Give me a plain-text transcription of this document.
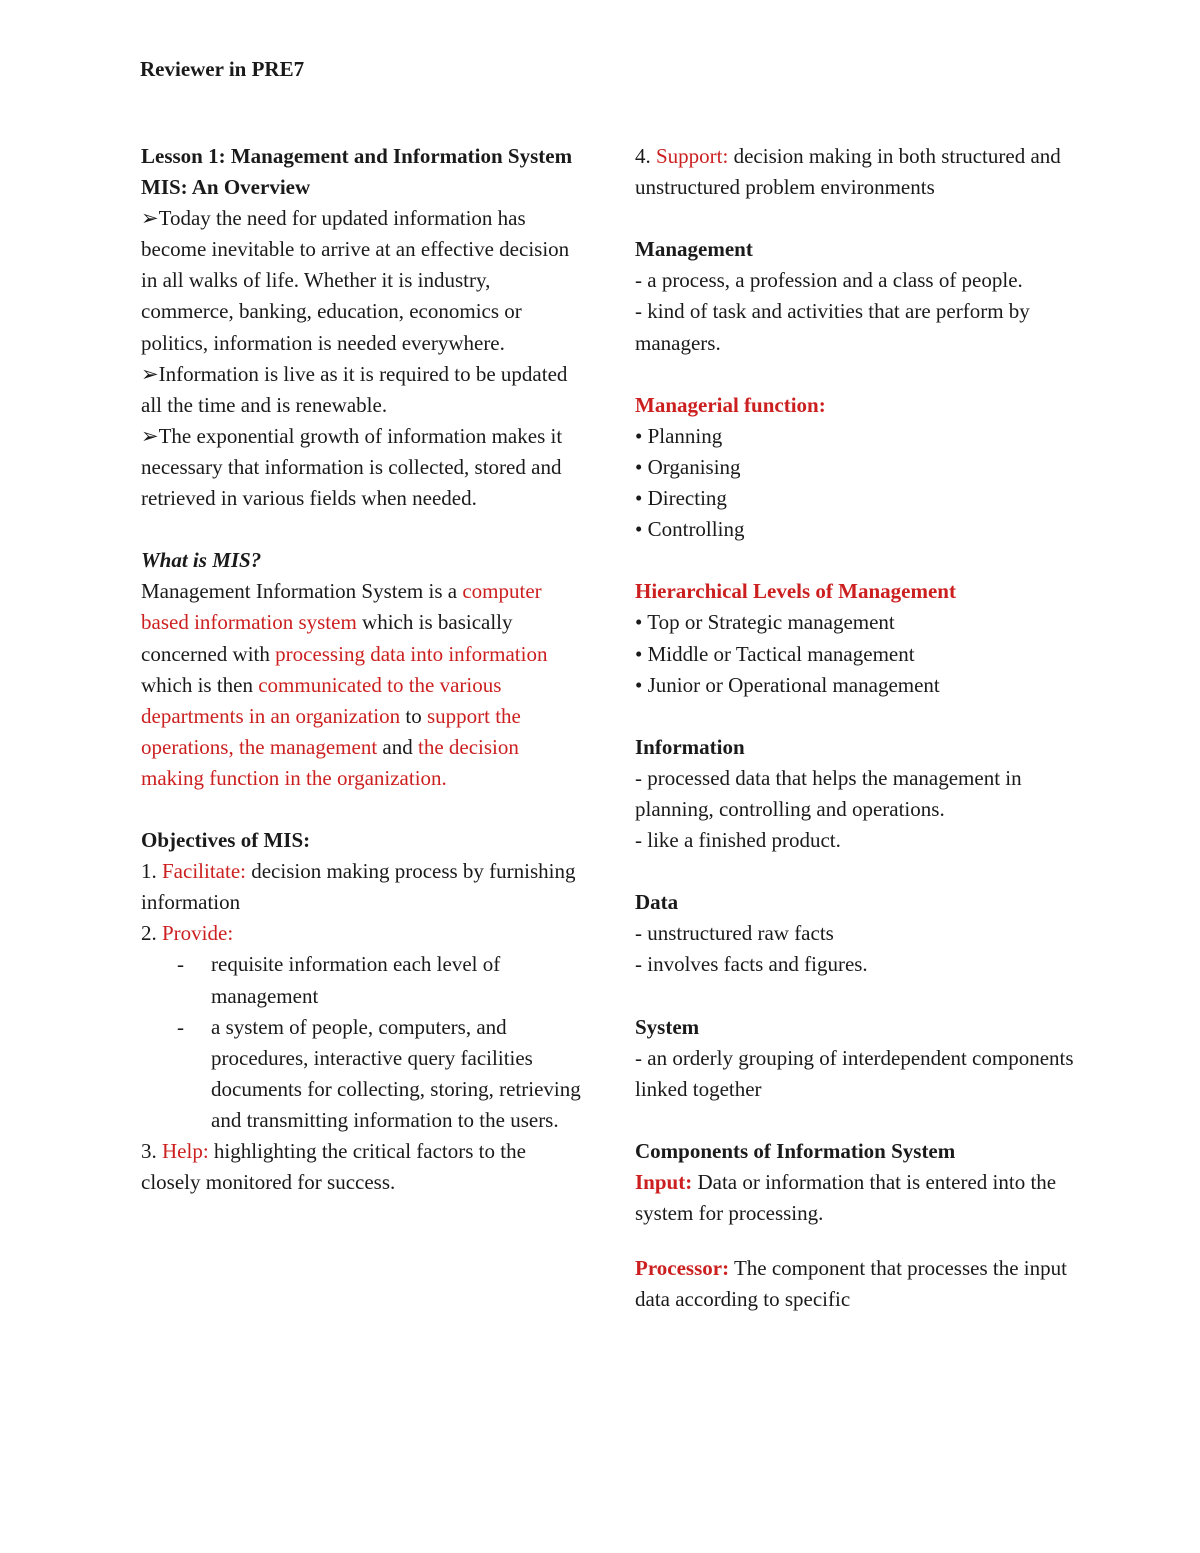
Reviewer in PRE7

Lesson 1: Management and Information System

MIS: An Overview

➢Today the need for updated information has become inevitable to arrive at an effective decision in all walks of life. Whether it is industry, commerce, banking, education, economics or politics, information is needed everywhere.

➢Information is live as it is required to be updated all the time and is renewable.

➢The exponential growth of information makes it necessary that information is collected, stored and retrieved in various fields when needed.

What is MIS?

Management Information System is a computer based information system which is basically concerned with processing data into information which is then communicated to the various departments in an organization to support the operations, the management and the decision making function in the organization.

Objectives of MIS:

1. Facilitate: decision making process by furnishing information

2. Provide:

- requisite information each level of management

- a system of people, computers, and procedures, interactive query facilities documents for collecting, storing, retrieving and transmitting information to the users.

3. Help: highlighting the critical factors to the closely monitored for success.

4. Support: decision making in both structured and unstructured problem environments

Management

- a process, a profession and a class of people.

- kind of task and activities that are perform by managers.

Managerial function:

• Planning

• Organising

• Directing

• Controlling

Hierarchical Levels of Management

• Top or Strategic management

• Middle or Tactical management

• Junior or Operational management

Information

- processed data that helps the management in planning, controlling and operations.

- like a finished product.

Data

- unstructured raw facts

- involves facts and figures.

System

- an orderly grouping of interdependent components linked together

Components of Information System

Input: Data or information that is entered into the system for processing.

Processor: The component that processes the input data according to specific
